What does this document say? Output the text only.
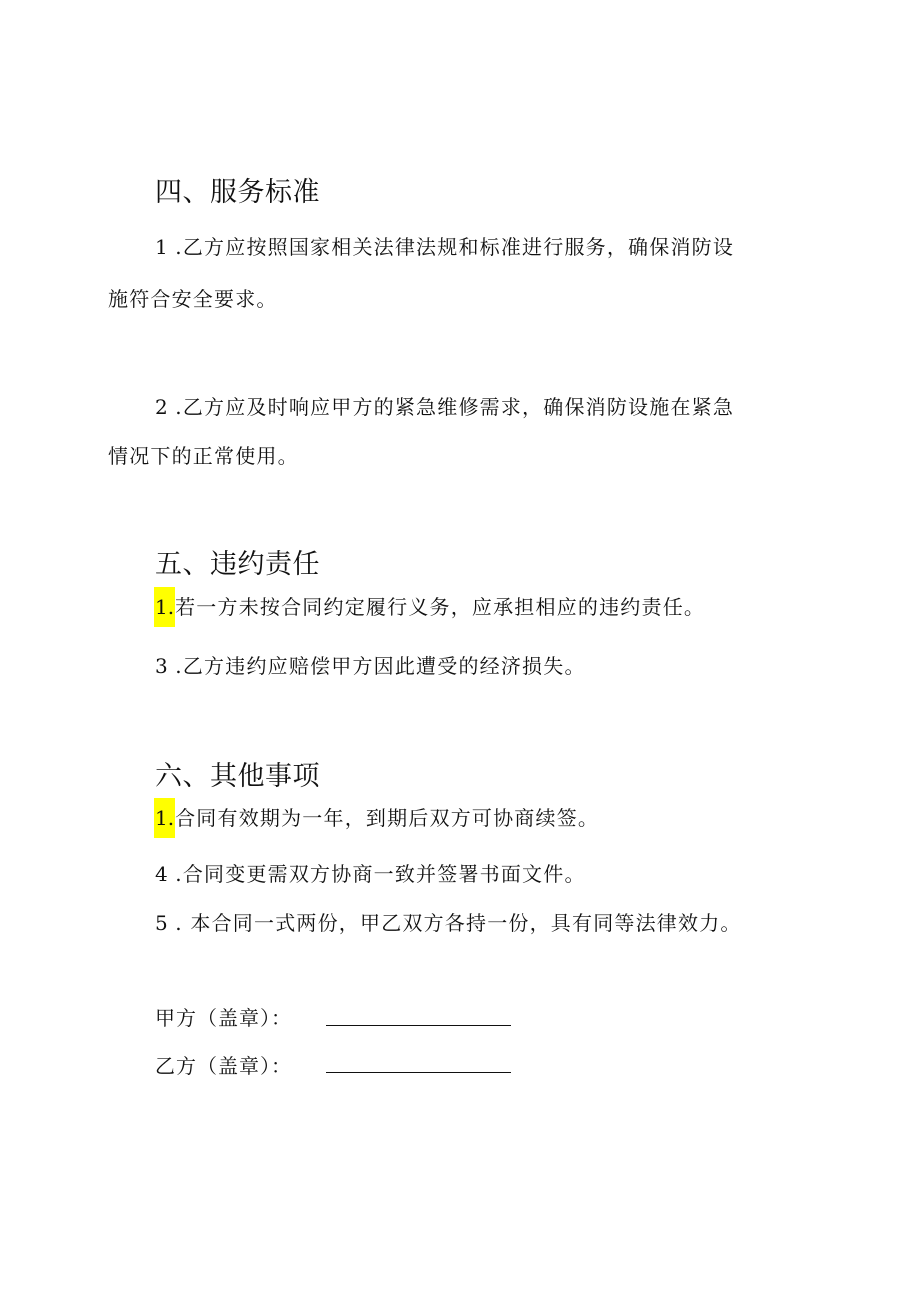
四、服务标准
1 .乙方应按照国家相关法律法规和标准进行服务，确保消防设
施符合安全要求。
2 .乙方应及时响应甲方的紧急维修需求，确保消防设施在紧急
情况下的正常使用。
五、违约责任
1.若一方未按合同约定履行义务，应承担相应的违约责任。
3 .乙方违约应赔偿甲方因此遭受的经济损失。
六、其他事项
1.合同有效期为一年，到期后双方可协商续签。
4 .合同变更需双方协商一致并签署书面文件。
5 . 本合同一式两份，甲乙双方各持一份，具有同等法律效力。
甲方（盖章）：
乙方（盖章）：
